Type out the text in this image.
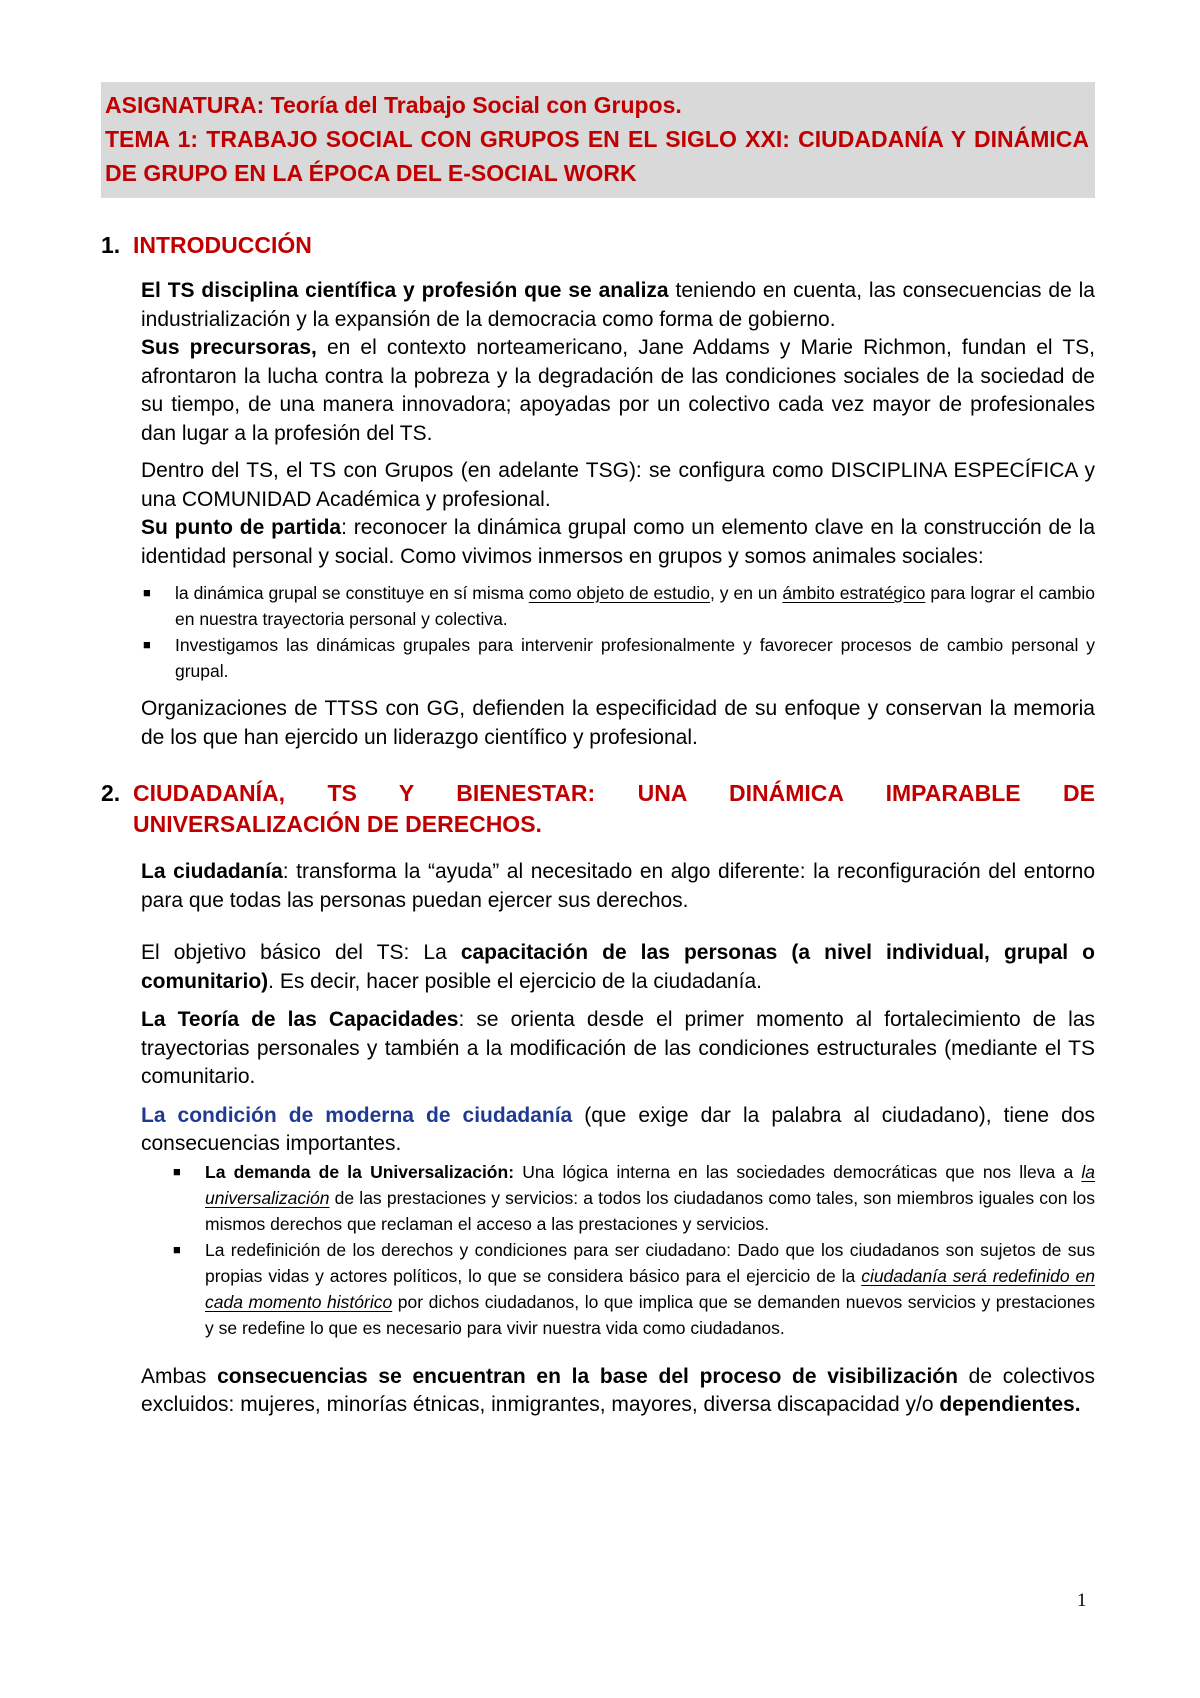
ASIGNATURA: Teoría del Trabajo Social con Grupos.

TEMA 1: TRABAJO SOCIAL CON GRUPOS EN EL SIGLO XXI: CIUDADANÍA Y DINÁMICA
DE GRUPO EN LA ÉPOCA DEL E-SOCIAL WORK
1. INTRODUCCIÓN

El TS disciplina científica y profesión que se analiza teniendo en cuenta, las consecuencias de la industrialización y la expansión de la democracia como forma de gobierno.

Sus precursoras, en el contexto norteamericano, Jane Addams y Marie Richmon, fundan el TS, afrontaron la lucha contra la pobreza y la degradación de las condiciones sociales de la sociedad de su tiempo, de una manera innovadora; apoyadas por un colectivo cada vez mayor de profesionales dan lugar a la profesión del TS.

Dentro del TS, el TS con Grupos (en adelante TSG): se configura como DISCIPLINA ESPECÍFICA y
una COMUNIDAD Académica y profesional.

Su punto de partida: reconocer la dinámica grupal como un elemento clave en la construcción de la identidad personal y social. Como vivimos inmersos en grupos y somos animales sociales:

■ la dinámica grupal se constituye en sí misma como objeto de estudio, y en un ámbito estratégico para lograr el cambio en nuestra trayectoria personal y colectiva.
■ Investigamos las dinámicas grupales para intervenir profesionalmente y favorecer procesos de cambio personal y grupal.

Organizaciones de TTSS con GG, defienden la especificidad de su enfoque y conservan la memoria de los que han ejercido un liderazgo científico y profesional.

2. CIUDADANÍA, TS Y BIENESTAR: UNA DINÁMICA IMPARABLE DE
UNIVERSALIZACIÓN DE DERECHOS.

La ciudadanía: transforma la “ayuda” al necesitado en algo diferente: la reconfiguración del entorno para que todas las personas puedan ejercer sus derechos.

El objetivo básico del TS: La capacitación de las personas (a nivel individual, grupal o comunitario). Es decir, hacer posible el ejercicio de la ciudadanía.

La Teoría de las Capacidades: se orienta desde el primer momento al fortalecimiento de las trayectorias personales y también a la modificación de las condiciones estructurales (mediante el TS comunitario.

La condición de moderna de ciudadanía (que exige dar la palabra al ciudadano), tiene dos consecuencias importantes.

■ La demanda de la Universalización: Una lógica interna en las sociedades democráticas que nos lleva a la universalización de las prestaciones y servicios: a todos los ciudadanos como tales, son miembros iguales con los mismos derechos que reclaman el acceso a las prestaciones y servicios.
■ La redefinición de los derechos y condiciones para ser ciudadano: Dado que los ciudadanos son sujetos de sus propias vidas y actores políticos, lo que se considera básico para el ejercicio de la ciudadanía será redefinido en cada momento histórico por dichos ciudadanos, lo que implica que se demanden nuevos servicios y prestaciones y se redefine lo que es necesario para vivir nuestra vida como ciudadanos.

Ambas consecuencias se encuentran en la base del proceso de visibilización de colectivos excluidos: mujeres, minorías étnicas, inmigrantes, mayores, diversa discapacidad y/o dependientes.

1
